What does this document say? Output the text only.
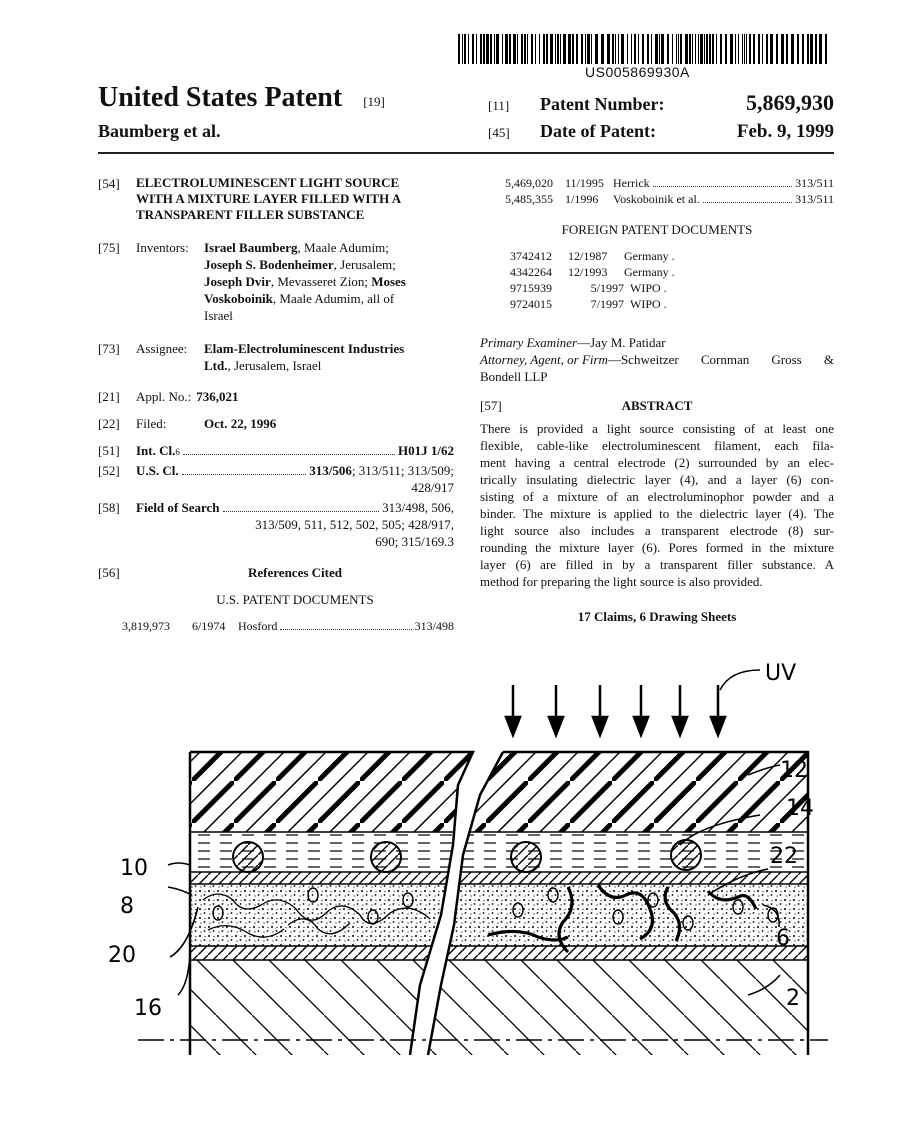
US005869930A
United States Patent [19]
Baumberg et al.
[11]	Patent Number:	5,869,930
[45]	Date of Patent:	Feb. 9, 1999
[54]	ELECTROLUMINESCENT LIGHT SOURCE
WITH A MIXTURE LAYER FILLED WITH A
TRANSPARENT FILLER SUBSTANCE
[75]	Inventors:	Israel Baumberg, Maale Adumim;
Joseph S. Bodenheimer, Jerusalem;
Joseph Dvir, Mevasseret Zion; Moses
Voskoboinik, Maale Adumim, all of
Israel
[73]	Assignee:	Elam-Electroluminescent Industries
Ltd., Jerusalem, Israel
[21]	Appl. No.: 736,021
[22]	Filed:	Oct. 22, 1996
[51]	Int. Cl. 6	H01J 1/62
[52]	U.S. Cl.	313/506 ; 313/511; 313/509;
428/917
[58]	Field of Search	313/498, 506,
313/509, 511, 512, 502, 505; 428/917,
690; 315/169.3
[56]	References Cited
U.S. PATENT DOCUMENTS
3,819,973	6/1974	Hosford	313/498
5,469,020	11/1995 Herrick	313/511
5,485,355	1/1996	Voskoboinik et al.	313/511
FOREIGN PATENT DOCUMENTS
3742412	12/1987	Germany .
4342264	12/1993	Germany .
9715939	5/1997 WIPO .
9724015	7/1997 WIPO .
Primary Examiner—Jay M. Patidar
Attorney, Agent, or Firm —Schweitzer Cornman Gross &
Bondell LLP
[57]	ABSTRACT
There is provided a light source consisting of at least one
flexible, cable-like electroluminescent filament, each fila-
ment having a central electrode (2) surrounded by an elec-
trically insulating dielectric layer (4), and a layer (6) con-
sisting of a mixture of an electroluminophor powder and a
binder. The mixture is applied to the dielectric layer (4). The
light source also includes a transparent electrode (8) sur-
rounding the mixture layer (6). Pores formed in the mixture
layer (6) are filled in by a transparent filler substance. A
method for preparing the light source is also provided.
17 Claims, 6 Drawing Sheets
UV
12
14
22
10
8
20
16
6
2
